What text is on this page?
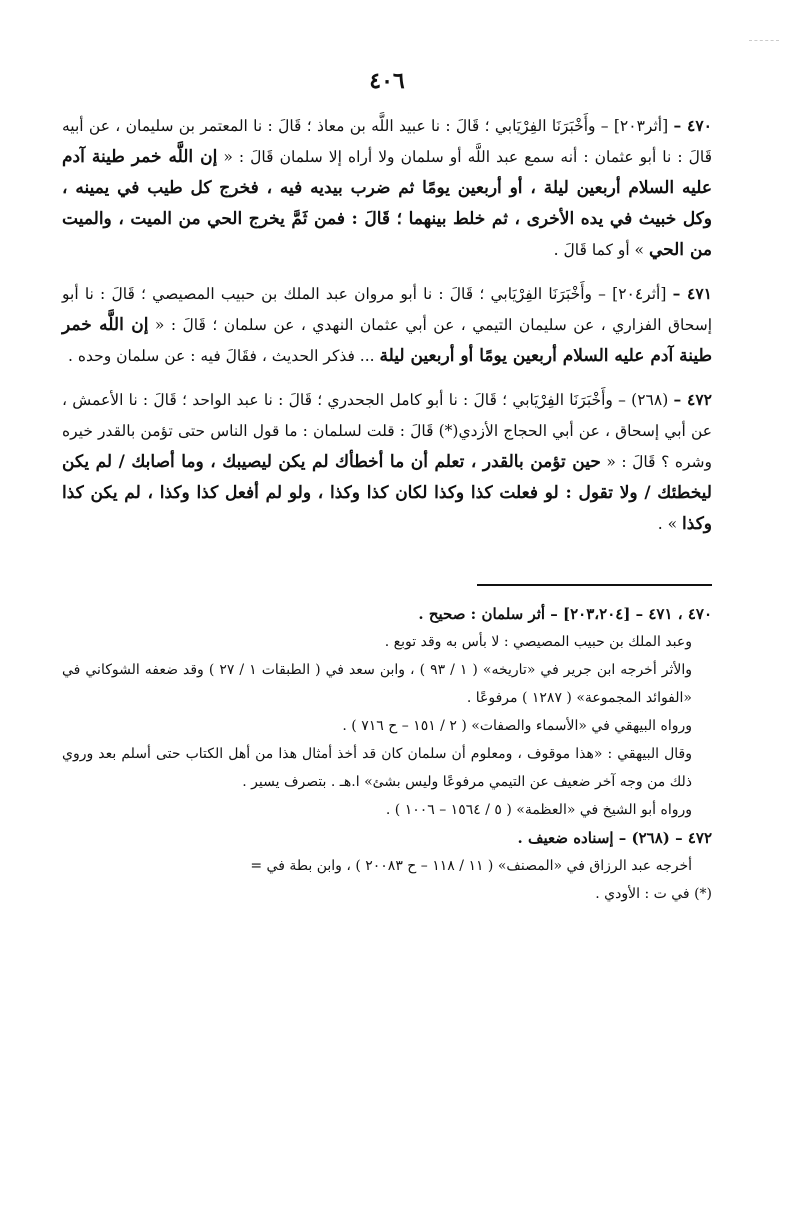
٤٠٦
٤٧٠ – [أثر٢٠٣] – وأَخْبَرَنَا الفِرْيَابي ؛ قَالَ : نا عبيد اللَّه بن معاذ ؛ قَالَ : نا المعتمر بن سليمان ، عن أبيه قَالَ : نا أبو عثمان : أنه سمع عبد اللَّه أو سلمان ولا أراه إلا سلمان قَالَ : « إن اللَّه خمر طينة آدم عليه السلام أربعين ليلة ، أو أربعين يومًا ثم ضرب بيديه فيه ، فخرج كل طيب في يمينه ، وكل خبيث في يده الأخرى ، ثم خلط بينهما ؛ قَالَ : فمن ثَمَّ يخرج الحي من الميت ، والميت من الحي » أو كما قَالَ .
٤٧١ – [أثر٢٠٤] – وأَخْبَرَنَا الفِرْيَابي ؛ قَالَ : نا أبو مروان عبد الملك بن حبيب المصيصي ؛ قَالَ : نا أبو إسحاق الفزاري ، عن سليمان التيمي ، عن أبي عثمان النهدي ، عن سلمان ؛ قَالَ : « إن اللَّه خمر طينة آدم عليه السلام أربعين يومًا أو أربعين ليلة ... فذكر الحديث ، فقَالَ فيه : عن سلمان وحده .
٤٧٢ – (٢٦٨) – وأَخْبَرَنَا الفِرْيَابي ؛ قَالَ : نا أبو كامل الجحدري ؛ قَالَ : نا عبد الواحد ؛ قَالَ : نا الأعمش ، عن أبي إسحاق ، عن أبي الحجاج الأزدي(*) قَالَ : قلت لسلمان : ما قول الناس حتى تؤمن بالقدر خيره وشره ؟ قَالَ : « حين تؤمن بالقدر ، تعلم أن ما أخطأك لم يكن ليصيبك ، وما أصابك / لم يكن ليخطئك / ولا تقول : لو فعلت كذا وكذا لكان كذا وكذا ، ولو لم أفعل كذا وكذا ، لم يكن كذا وكذا » .

٤٧٠ ، ٤٧١ – [٢٠٣،٢٠٤] – أثر سلمان : صحيح .

وعبد الملك بن حبيب المصيصي : لا بأس به وقد توبع .

والأثر أخرجه ابن جرير في «تاريخه» ( ١ / ٩٣ ) ، وابن سعد في ( الطبقات ١ / ٢٧ ) وقد ضعفه الشوكاني في «الفوائد المجموعة» ( ١٢٨٧ ) مرفوعًا .

ورواه البيهقي في «الأسماء والصفات» ( ٢ / ١٥١ – ح ٧١٦ ) .

وقال البيهقي : «هذا موقوف ، ومعلوم أن سلمان كان قد أخذ أمثال هذا من أهل الكتاب حتى أسلم بعد وروي ذلك من وجه آخر ضعيف عن التيمي مرفوعًا وليس بشئ» ا.هـ . بتصرف يسير .

ورواه أبو الشيخ في «العظمة» ( ٥ / ١٥٦٤ – ١٠٠٦ ) .

٤٧٢ – (٢٦٨) – إسناده ضعيف .

أخرجه عبد الرزاق في «المصنف» ( ١١ / ١١٨ – ح ٢٠٠٨٣ ) ، وابن بطة في =

(*) في ت : الأودي .
